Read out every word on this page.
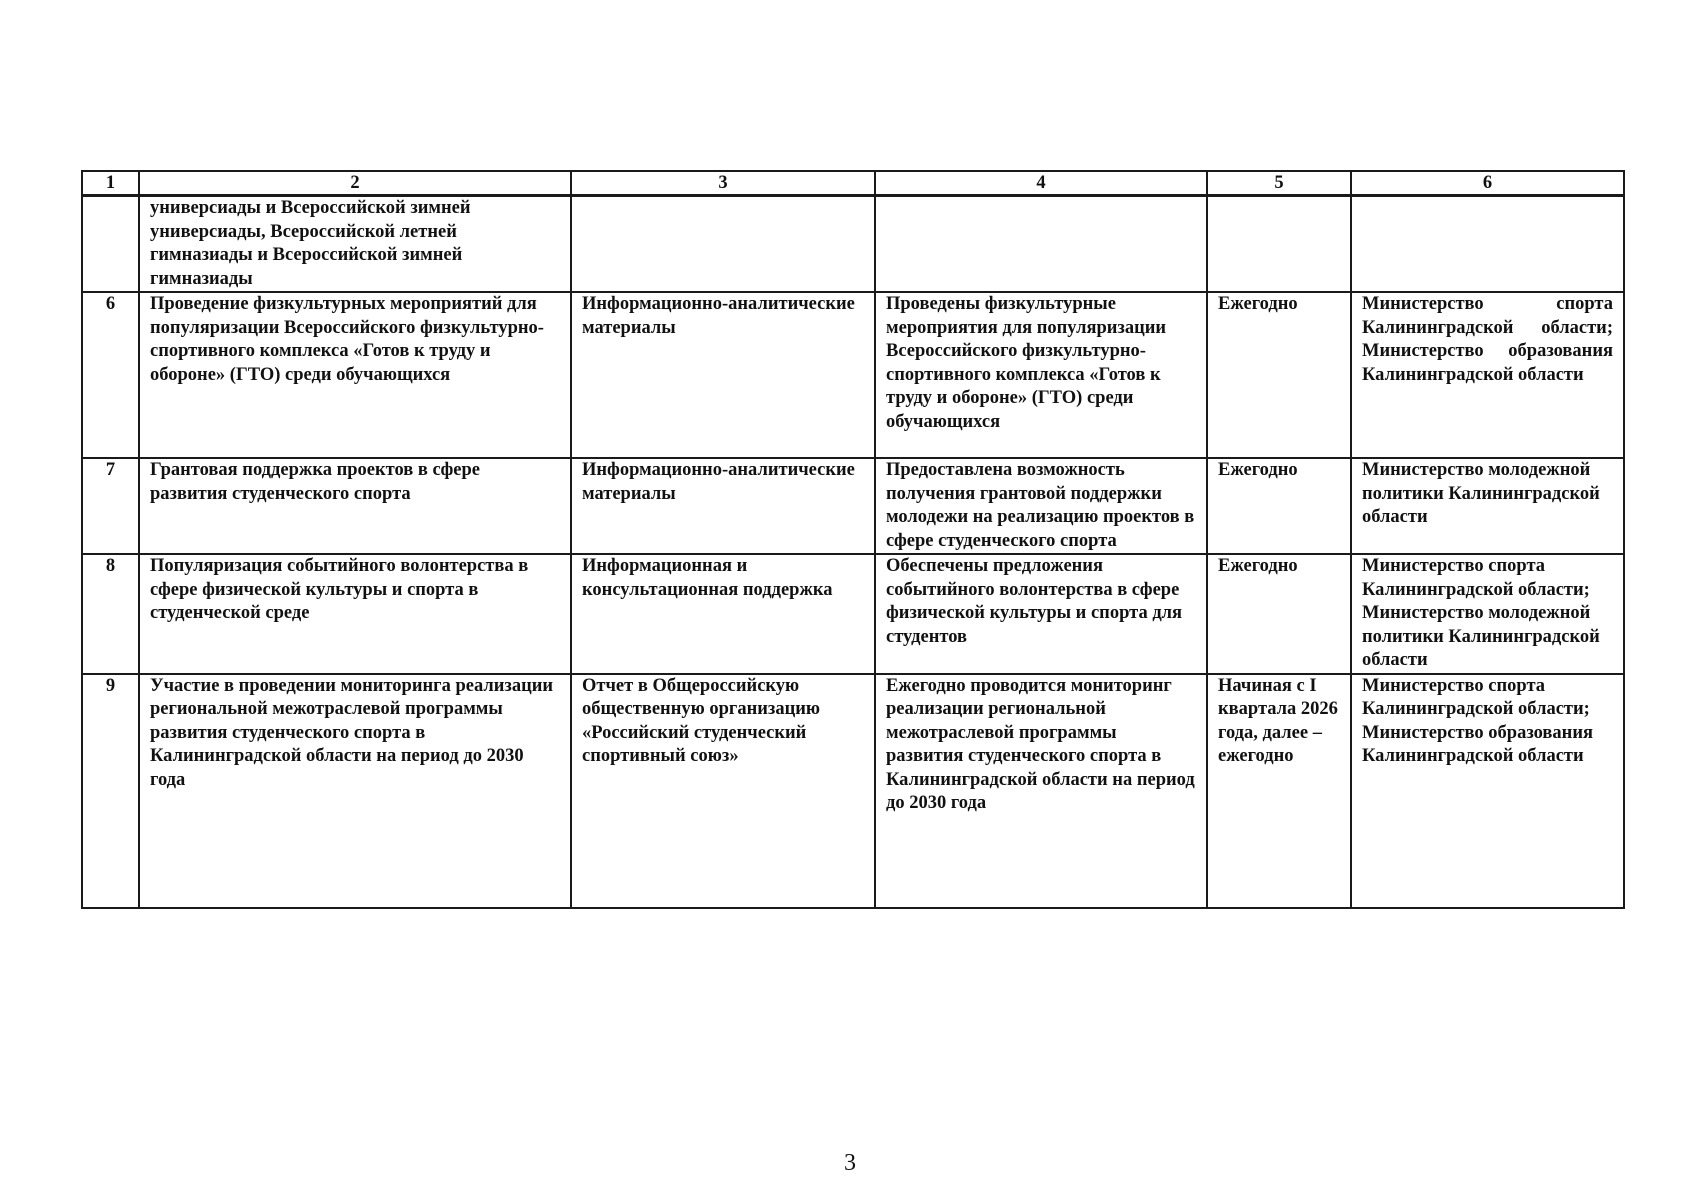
1	2	3	4	5	6
	универсиады и Всероссийской зимней универсиады, Всероссийской летней гимназиады и Всероссийской зимней гимназиады				
6	Проведение физкультурных мероприятий для популяризации Всероссийского физкультурно-спортивного комплекса «Готов к труду и обороне» (ГТО) среди обучающихся	Информационно-аналитические материалы	Проведены физкультурные мероприятия для популяризации Всероссийского физкультурно-спортивного комплекса «Готов к труду и обороне» (ГТО) среди обучающихся	Ежегодно	Министерство спорта Калининградской области; Министерство образования Калининградской области
7	Грантовая поддержка проектов в сфере развития студенческого спорта	Информационно-аналитические материалы	Предоставлена возможность получения грантовой поддержки молодежи на реализацию проектов в сфере студенческого спорта	Ежегодно	Министерство молодежной политики Калининградской области
8	Популяризация событийного волонтерства в сфере физической культуры и спорта в студенческой среде	Информационная и консультационная поддержка	Обеспечены предложения событийного волонтерства в сфере физической культуры и спорта для студентов	Ежегодно	Министерство спорта Калининградской области; Министерство молодежной политики Калининградской области
9	Участие в проведении мониторинга реализации региональной межотраслевой программы развития студенческого спорта в Калининградской области на период до 2030 года	Отчет в Общероссийскую общественную организацию «Российский студенческий спортивный союз»	Ежегодно проводится мониторинг реализации региональной межотраслевой программы развития студенческого спорта в Калининградской области на период до 2030 года	Начиная с I квартала 2026 года, далее – ежегодно	Министерство спорта Калининградской области; Министерство образования Калининградской области
3
